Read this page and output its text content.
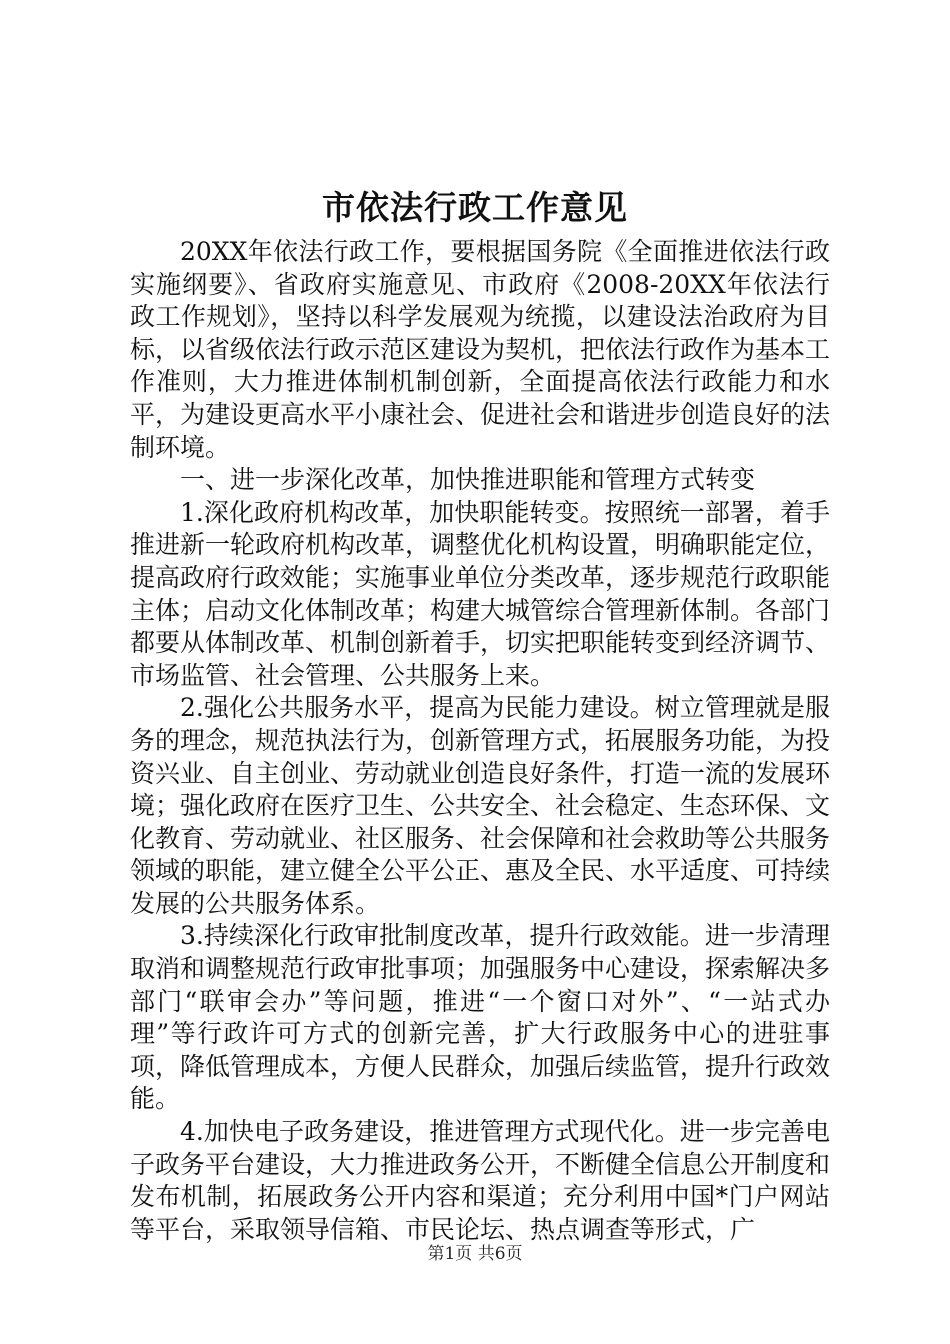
市依法行政工作意见

20XX年依法行政工作，要根据国务院《全面推进依法行政实施纲要》、省政府实施意见、市政府《2008-20XX年依法行政工作规划》，坚持以科学发展观为统揽，以建设法治政府为目标，以省级依法行政示范区建设为契机，把依法行政作为基本工作准则，大力推进体制机制创新，全面提高依法行政能力和水平，为建设更高水平小康社会、促进社会和谐进步创造良好的法制环境。

一、进一步深化改革，加快推进职能和管理方式转变

1.深化政府机构改革，加快职能转变。按照统一部署，着手推进新一轮政府机构改革，调整优化机构设置，明确职能定位，提高政府行政效能；实施事业单位分类改革，逐步规范行政职能主体；启动文化体制改革；构建大城管综合管理新体制。各部门都要从体制改革、机制创新着手，切实把职能转变到经济调节、市场监管、社会管理、公共服务上来。

2.强化公共服务水平，提高为民能力建设。树立管理就是服务的理念，规范执法行为，创新管理方式，拓展服务功能，为投资兴业、自主创业、劳动就业创造良好条件，打造一流的发展环境；强化政府在医疗卫生、公共安全、社会稳定、生态环保、文化教育、劳动就业、社区服务、社会保障和社会救助等公共服务领域的职能，建立健全公平公正、惠及全民、水平适度、可持续发展的公共服务体系。

3.持续深化行政审批制度改革，提升行政效能。进一步清理取消和调整规范行政审批事项；加强服务中心建设，探索解决多部门“联审会办”等问题，推进“一个窗口对外”、“一站式办理”等行政许可方式的创新完善，扩大行政服务中心的进驻事项，降低管理成本，方便人民群众，加强后续监管，提升行政效能。

4.加快电子政务建设，推进管理方式现代化。进一步完善电子政务平台建设，大力推进政务公开，不断健全信息公开制度和发布机制，拓展政务公开内容和渠道；充分利用中国*门户网站等平台，采取领导信箱、市民论坛、热点调查等形式，广

第1页 共6页
